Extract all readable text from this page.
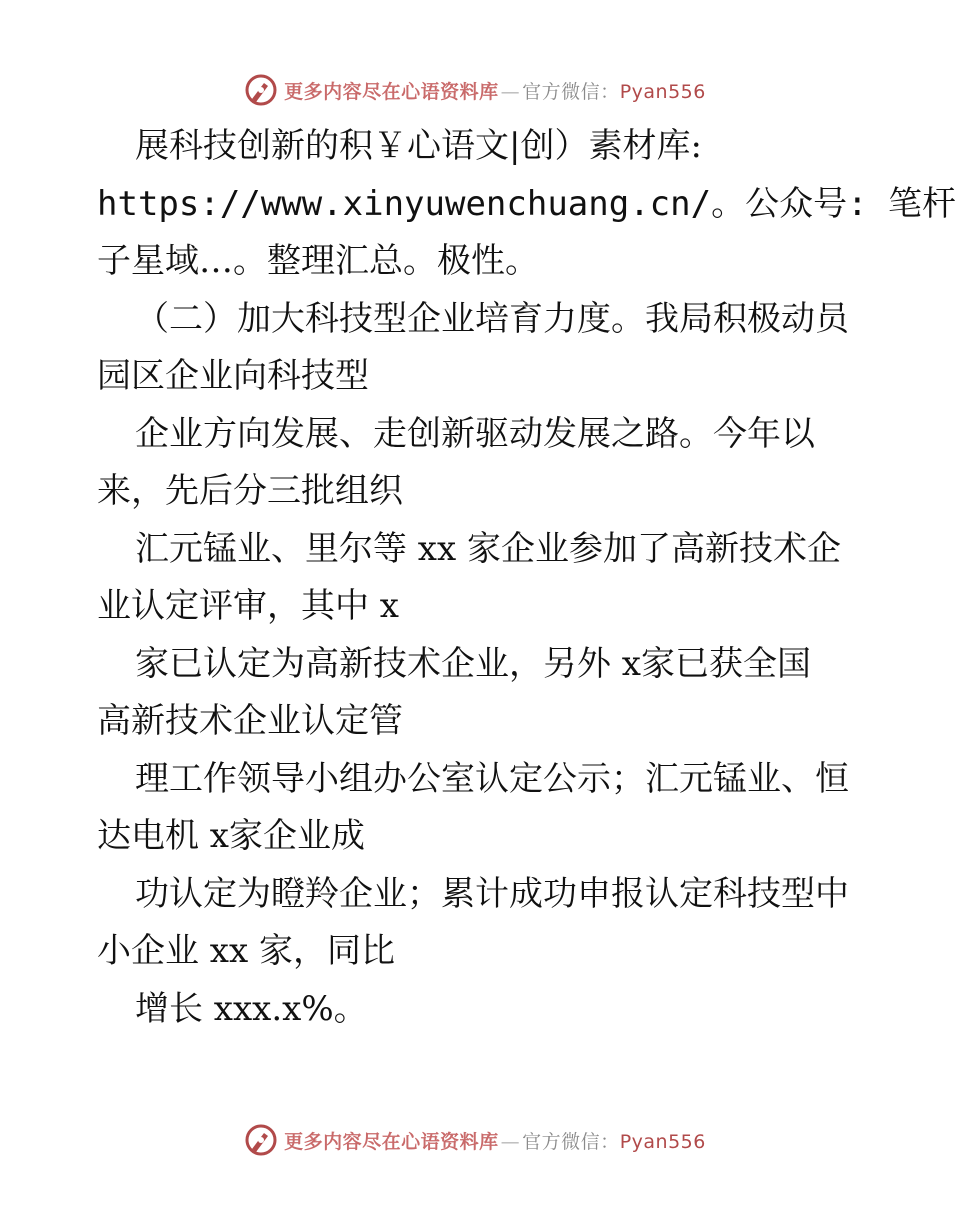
更多内容尽在心语资料库 — 官方微信：Pyan556
展科技创新的积￥心语文|创）素材库:
https://www.xinyuwenchuang.cn/。公众号: 笔杆
子星域…。整理汇总。极性。
（二）加大科技型企业培育力度。我局积极动员
园区企业向科技型
企业方向发展、走创新驱动发展之路。今年以
来，先后分三批组织
汇元锰业、里尔等 xx 家企业参加了高新技术企
业认定评审，其中 x
家已认定为高新技术企业，另外 x家已获全国
高新技术企业认定管
理工作领导小组办公室认定公示；汇元锰业、恒
达电机 x家企业成
功认定为瞪羚企业；累计成功申报认定科技型中
小企业 xx 家，同比
增长 xxx.x%。
更多内容尽在心语资料库 — 官方微信：Pyan556
